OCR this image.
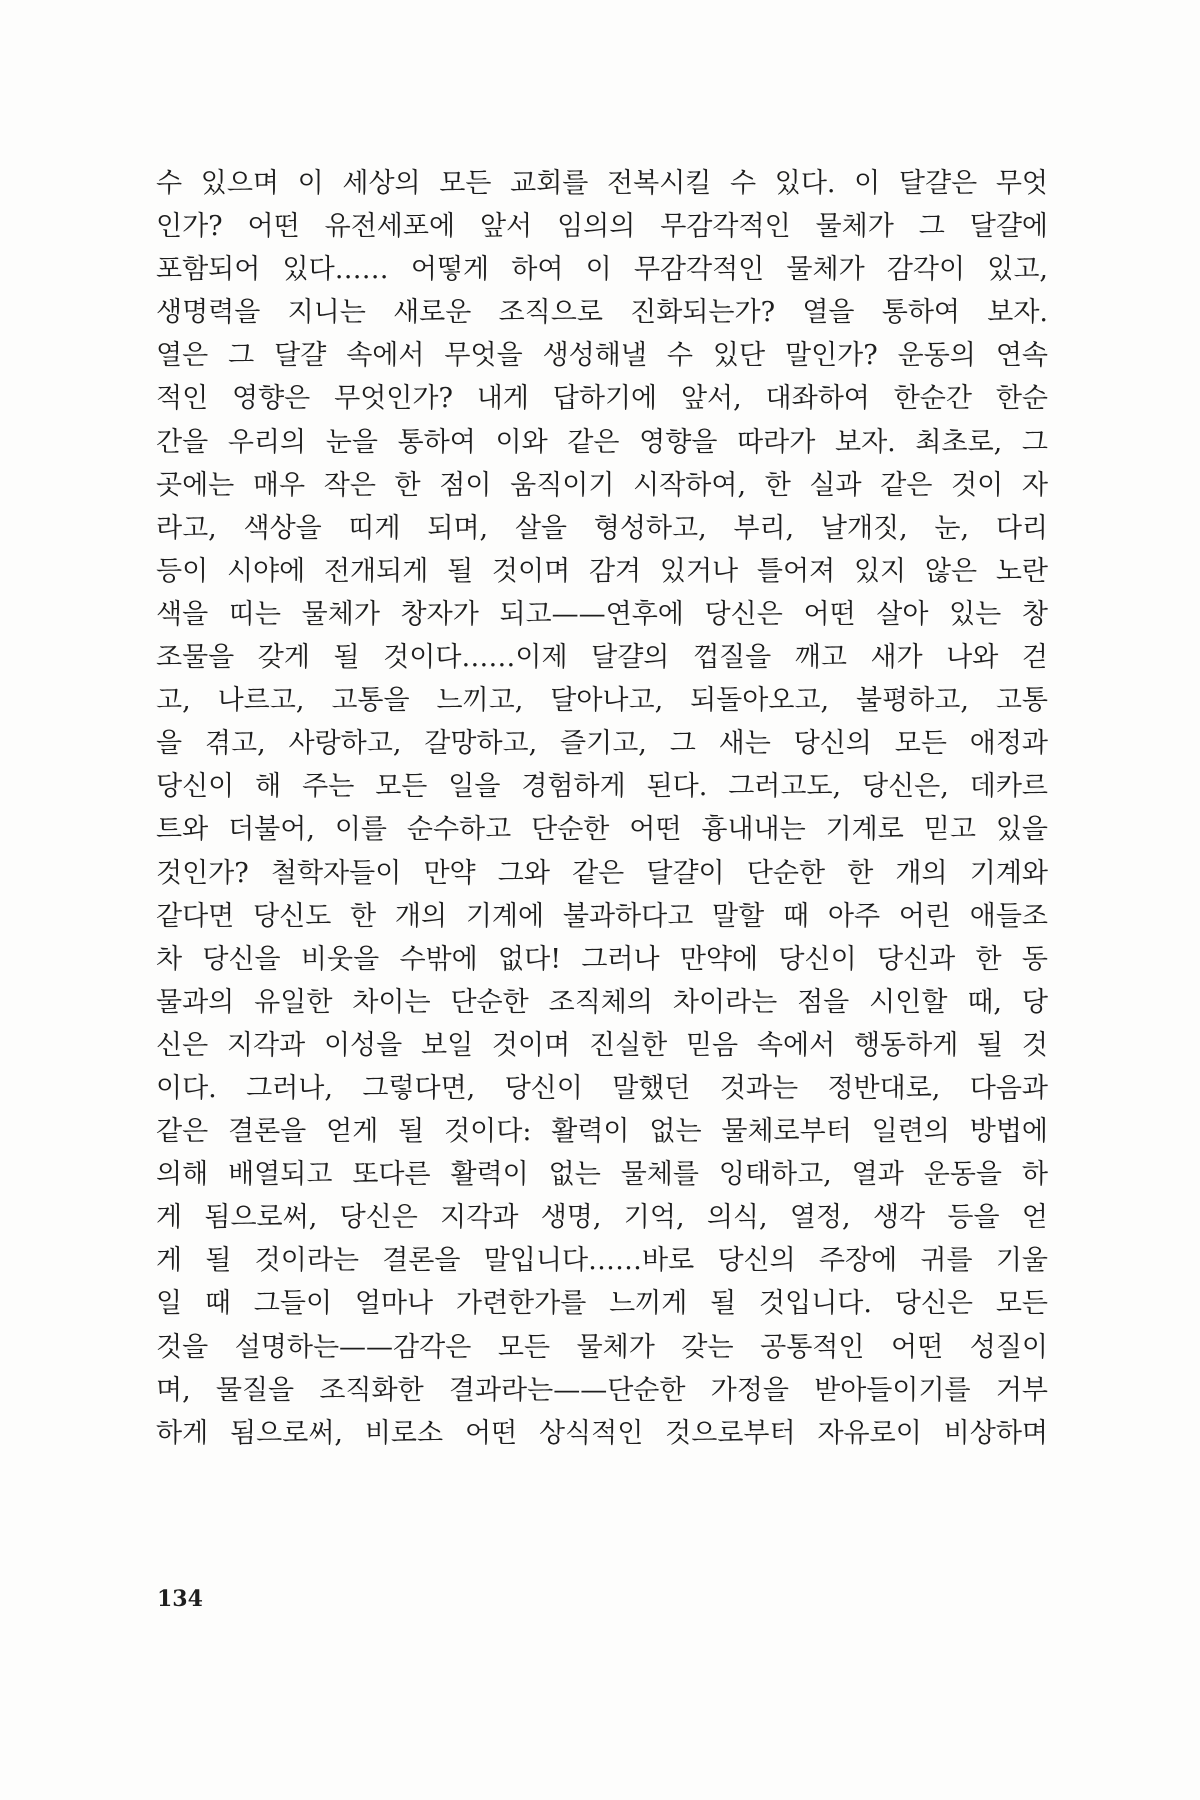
수 있으며 이 세상의 모든 교회를 전복시킬 수 있다. 이 달걀은 무엇
인가? 어떤 유전세포에 앞서 임의의 무감각적인 물체가 그 달걀에
포함되어 있다…… 어떻게 하여 이 무감각적인 물체가 감각이 있고,
생명력을 지니는 새로운 조직으로 진화되는가? 열을 통하여 보자.
열은 그 달걀 속에서 무엇을 생성해낼 수 있단 말인가? 운동의 연속
적인 영향은 무엇인가? 내게 답하기에 앞서, 대좌하여 한순간 한순
간을 우리의 눈을 통하여 이와 같은 영향을 따라가 보자. 최초로, 그
곳에는 매우 작은 한 점이 움직이기 시작하여, 한 실과 같은 것이 자
라고, 색상을 띠게 되며, 살을 형성하고, 부리, 날개짓, 눈, 다리
등이 시야에 전개되게 될 것이며 감겨 있거나 틀어져 있지 않은 노란
색을 띠는 물체가 창자가 되고——연후에 당신은 어떤 살아 있는 창
조물을 갖게 될 것이다……이제 달걀의 껍질을 깨고 새가 나와 걷
고, 나르고, 고통을 느끼고, 달아나고, 되돌아오고, 불평하고, 고통
을 겪고, 사랑하고, 갈망하고, 즐기고, 그 새는 당신의 모든 애정과
당신이 해 주는 모든 일을 경험하게 된다. 그러고도, 당신은, 데카르
트와 더불어, 이를 순수하고 단순한 어떤 흉내내는 기계로 믿고 있을
것인가? 철학자들이 만약 그와 같은 달걀이 단순한 한 개의 기계와
같다면 당신도 한 개의 기계에 불과하다고 말할 때 아주 어린 애들조
차 당신을 비웃을 수밖에 없다! 그러나 만약에 당신이 당신과 한 동
물과의 유일한 차이는 단순한 조직체의 차이라는 점을 시인할 때, 당
신은 지각과 이성을 보일 것이며 진실한 믿음 속에서 행동하게 될 것
이다. 그러나, 그렇다면, 당신이 말했던 것과는 정반대로, 다음과
같은 결론을 얻게 될 것이다: 활력이 없는 물체로부터 일련의 방법에
의해 배열되고 또다른 활력이 없는 물체를 잉태하고, 열과 운동을 하
게 됨으로써, 당신은 지각과 생명, 기억, 의식, 열정, 생각 등을 얻
게 될 것이라는 결론을 말입니다……바로 당신의 주장에 귀를 기울
일 때 그들이 얼마나 가련한가를 느끼게 될 것입니다. 당신은 모든
것을 설명하는——감각은 모든 물체가 갖는 공통적인 어떤 성질이
며, 물질을 조직화한 결과라는——단순한 가정을 받아들이기를 거부
하게 됨으로써, 비로소 어떤 상식적인 것으로부터 자유로이 비상하며
134
